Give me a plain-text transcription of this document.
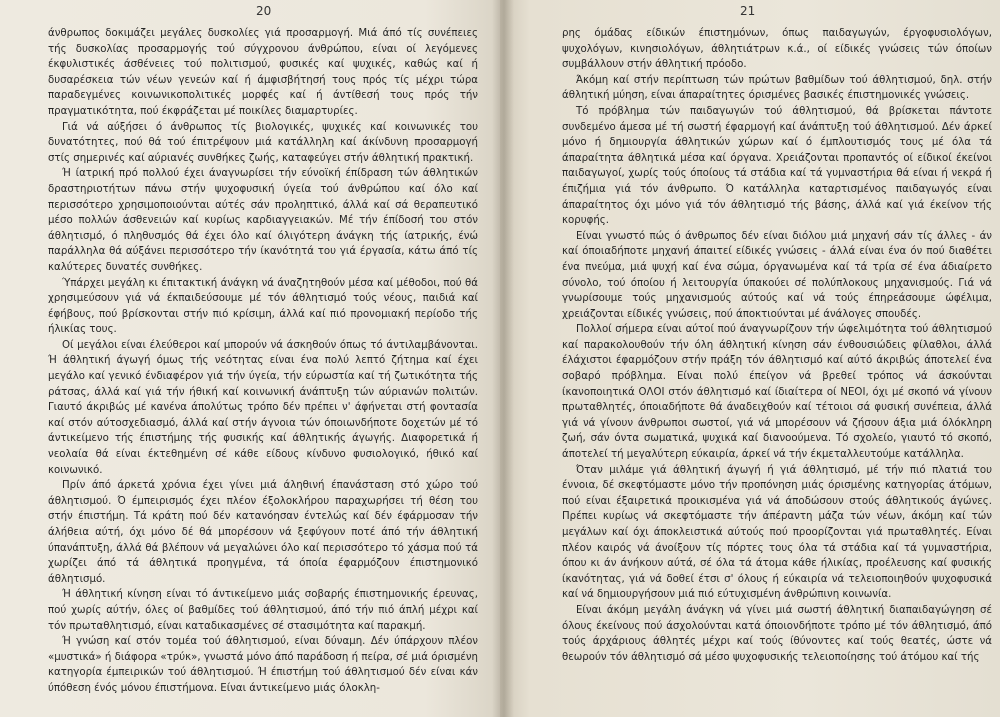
20

άνθρωπος δοκιμάζει μεγάλες δυσκολίες γιά προσαρμογή. Μιά άπό τίς συνέπειες τής δυσκολίας προσαρμογής τού σύγχρονου άνθρώπου, είναι οί λεγόμενες έκφυλιστικές άσθένειες τού πολιτισμού, φυσικές καί ψυχικές, καθώς καί ή δυσαρέσκεια τών νέων γενεών καί ή άμφισβήτησή τους πρός τίς μέχρι τώρα παραδεγμένες κοινωνικοπολιτικές μορφές καί ή άντίθεσή τους πρός τήν πραγματικότητα, πού έκφράζεται μέ ποικίλες διαμαρτυρίες.

Γιά νά αύξήσει ό άνθρωπος τίς βιολογικές, ψυχικές καί κοινωνικές του δυνατότητες, πού θά τού έπιτρέψουν μιά κατάλληλη καί άκίνδυνη προσαρμογή στίς σημερινές καί αύριανές συνθήκες ζωής, καταφεύγει στήν άθλητική πρακτική.

Ή ίατρική πρό πολλού έχει άναγνωρίσει τήν εύνοϊκή έπίδραση τών άθλητικών δραστηριοτήτων πάνω στήν ψυχοφυσική ύγεία τού άνθρώπου καί όλο καί περισσότερο χρησιμοποιούνται αύτές σάν προληπτικό, άλλά καί σά θεραπευτικό μέσο πολλών άσθενειών καί κυρίως καρδιαγγειακών. Μέ τήν έπίδοσή του στόν άθλητισμό, ό πληθυσμός θά έχει όλο καί όλιγότερη άνάγκη τής ίατρικής, ένώ παράλληλα θά αύξάνει περισσότερο τήν ίκανότητά του γιά έργασία, κάτω άπό τίς καλύτερες δυνατές συνθήκες.

Ύπάρχει μεγάλη κι έπιτακτική άνάγκη νά άναζητηθούν μέσα καί μέθοδοι, πού θά χρησιμεύσουν γιά νά έκπαιδεύσουμε μέ τόν άθλητισμό τούς νέους, παιδιά καί έφήβους, πού βρίσκονται στήν πιό κρίσιμη, άλλά καί πιό προνομιακή περίοδο τής ήλικίας τους.

Οί μεγάλοι είναι έλεύθεροι καί μπορούν νά άσκηθούν όπως τό άντιλαμβάνονται. Ή άθλητική άγωγή όμως τής νεότητας είναι ένα πολύ λεπτό ζήτημα καί έχει μεγάλο καί γενικό ένδιαφέρον γιά τήν ύγεία, τήν εύρωστία καί τή ζωτικότητα τής ράτσας, άλλά καί γιά τήν ήθική καί κοινωνική άνάπτυξη τών αύριανών πολιτών. Γιαυτό άκριβώς μέ κανένα άπολύτως τρόπο δέν πρέπει ν' άφήνεται στή φοντασία καί στόν αύτοσχεδιασμό, άλλά καί στήν άγνοια τών όποιωνδήποτε δοχετών μέ τό άντικείμενο τής έπιστήμης τής φυσικής καί άθλητικής άγωγής. Διαφορετικά ή νεολαία θά είναι έκτεθημένη σέ κάθε είδους κίνδυνο φυσιολογικό, ήθικό καί κοινωνικό.

Πρίν άπό άρκετά χρόνια έχει γίνει μιά άληθινή έπανάσταση στό χώρο τού άθλητισμού. Ό έμπειρισμός έχει πλέον έξολοκλήρου παραχωρήσει τή θέση του στήν έπιστήμη. Τά κράτη πού δέν κατανόησαν έντελώς καί δέν έφάρμοσαν τήν άλήθεια αύτή, όχι μόνο δέ θά μπορέσουν νά ξεφύγουν ποτέ άπό τήν άθλητική ύπανάπτυξη, άλλά θά βλέπουν νά μεγαλώνει όλο καί περισσότερο τό χάσμα πού τά χωρίζει άπό τά άθλητικά προηγμένα, τά όποία έφαρμόζουν έπιστημονικό άθλητισμό.

Ή άθλητική κίνηση είναι τό άντικείμενο μιάς σοβαρής έπιστημονικής έρευνας, πού χωρίς αύτήν, όλες οί βαθμίδες τού άθλητισμού, άπό τήν πιό άπλή μέχρι καί τόν πρωταθλητισμό, είναι καταδικασμένες σέ στασιμότητα καί παρακμή.

Ή γνώση καί στόν τομέα τού άθλητισμού, είναι δύναμη. Δέν ύπάρχουν πλέον «μυστικά» ή διάφορα «τρύκ», γνωστά μόνο άπό παράδοση ή πείρα, σέ μιά όρισμένη κατηγορία έμπειρικών τού άθλητισμού. Ή έπιστήμη τού άθλητισμού δέν είναι κάν ύπόθεση ένός μόνου έπιστήμονα. Είναι άντικείμενο μιάς όλοκλη-

21

ρης όμάδας είδικών έπιστημόνων, όπως παιδαγωγών, έργοφυσιολόγων, ψυχολόγων, κινησιολόγων, άθλητιάτρων κ.ά., οί είδικές γνώσεις τών όποίων συμβάλλουν στήν άθλητική πρόοδο.

Άκόμη καί στήν περίπτωση τών πρώτων βαθμίδων τού άθλητισμού, δηλ. στήν άθλητική μύηση, είναι άπαραίτητες όρισμένες βασικές έπιστημονικές γνώσεις.

Τό πρόβλημα τών παιδαγωγών τού άθλητισμού, θά βρίσκεται πάντοτε συνδεμένο άμεσα μέ τή σωστή έφαρμογή καί άνάπτυξη τού άθλητισμού. Δέν άρκεί μόνο ή δημιουργία άθλητικών χώρων καί ό έμπλουτισμός τους μέ όλα τά άπαραίτητα άθλητικά μέσα καί όργανα. Χρειάζονται προπαντός οί είδικοί έκείνοι παιδαγωγοί, χωρίς τούς όποίους τά στάδια καί τά γυμναστήρια θά είναι ή νεκρά ή έπιζήμια γιά τόν άνθρωπο. Ό κατάλληλα καταρτισμένος παιδαγωγός είναι άπαραίτητος όχι μόνο γιά τόν άθλητισμό τής βάσης, άλλά καί γιά έκείνον τής κορυφής.

Είναι γνωστό πώς ό άνθρωπος δέν είναι διόλου μιά μηχανή σάν τίς άλλες - άν καί όποιαδήποτε μηχανή άπαιτεί είδικές γνώσεις - άλλά είναι ένα όν πού διαθέτει ένα πνεύμα, μιά ψυχή καί ένα σώμα, όργανωμένα καί τά τρία σέ ένα άδιαίρετο σύνολο, τού όποίου ή λειτουργία ύπακούει σέ πολύπλοκους μηχανισμούς. Γιά νά γνωρίσουμε τούς μηχανισμούς αύτούς καί νά τούς έπηρεάσουμε ώφέλιμα, χρειάζονται είδικές γνώσεις, πού άποκτιούνται μέ άνάλογες σπουδές.

Πολλοί σήμερα είναι αύτοί πού άναγνωρίζουν τήν ώφελιμότητα τού άθλητισμού καί παρακολουθούν τήν όλη άθλητική κίνηση σάν ένθουσιώδεις φίλαθλοι, άλλά έλάχιστοι έφαρμόζουν στήν πράξη τόν άθλητισμό καί αύτό άκριβώς άποτελεί ένα σοβαρό πρόβλημα. Είναι πολύ έπείγον νά βρεθεί τρόπος νά άσκούνται ίκανοποιητικά ΟΛΟΙ στόν άθλητισμό καί ίδιαίτερα οί ΝΕΟΙ, όχι μέ σκοπό νά γίνουν πρωταθλητές, όποιαδήποτε θά άναδειχθούν καί τέτοιοι σά φυσική συνέπεια, άλλά γιά νά γίνουν άνθρωποι σωστοί, γιά νά μπορέσουν νά ζήσουν άξια μιά όλόκληρη ζωή, σάν όντα σωματικά, ψυχικά καί διανοούμενα. Τό σχολείο, γιαυτό τό σκοπό, άποτελεί τή μεγαλύτερη εύκαιρία, άρκεί νά τήν έκμεταλλευτούμε κατάλληλα.

Όταν μιλάμε γιά άθλητική άγωγή ή γιά άθλητισμό, μέ τήν πιό πλατιά του έννοια, δέ σκεφτόμαστε μόνο τήν προπόνηση μιάς όρισμένης κατηγορίας άτόμων, πού είναι έξαιρετικά προικισμένα γιά νά άποδώσουν στούς άθλητικούς άγώνες. Πρέπει κυρίως νά σκεφτόμαστε τήν άπέραντη μάζα τών νέων, άκόμη καί τών μεγάλων καί όχι άποκλειστικά αύτούς πού προορίζονται γιά πρωταθλητές. Είναι πλέον καιρός νά άνοίξουν τίς πόρτες τους όλα τά στάδια καί τά γυμναστήρια, όπου κι άν άνήκουν αύτά, σέ όλα τά άτομα κάθε ήλικίας, προέλευσης καί φυσικής ίκανότητας, γιά νά δοθεί έτσι σ' όλους ή εύκαιρία νά τελειοποιηθούν ψυχοφυσικά καί νά δημιουργήσουν μιά πιό εύτυχισμένη άνθρώπινη κοινωνία.

Είναι άκόμη μεγάλη άνάγκη νά γίνει μιά σωστή άθλητική διαπαιδαγώγηση σέ όλους έκείνους πού άσχολούνται κατά όποιονδήποτε τρόπο μέ τόν άθλητισμό, άπό τούς άρχάριους άθλητές μέχρι καί τούς ίθύνοντες καί τούς θεατές, ώστε νά θεωρούν τόν άθλητισμό σά μέσο ψυχοφυσικής τελειοποίησης τού άτόμου καί τής
